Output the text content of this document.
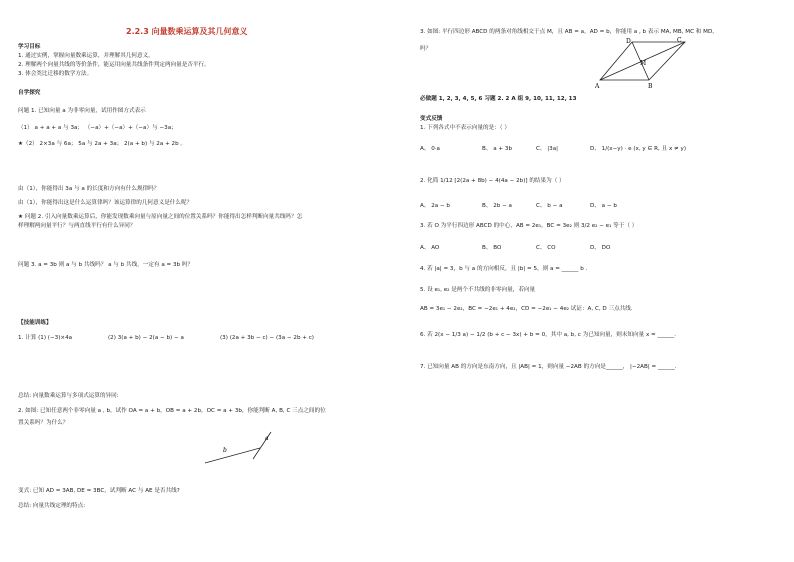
2.2.3 向量数乘运算及其几何意义
学习目标
1. 通过实例，掌握向量数乘运算，并理解其几何意义。
2. 理解两个向量共线的等价条件，能运用向量共线条件判定两向量是否平行。
3. 体会类比迁移的数学方法。
自学探究
问题 1. 已知向量 a 为非零向量，试用作图方式表示
（1） a + a + a 与 3a； （−a）+（−a）+（−a）与 −3a；
★（2） 2×3a 与 6a； 5a 与 2a + 3a； 2(a + b) 与 2a + 2b 。
由（1），你能得出 3a 与 a 的长度和方向有什么规律吗？
由（1），你能得出这是什么运算律吗？该运算律的几何意义是什么呢？
★ 问题 2. 引入向量数乘运算后，你能发现数乘向量与原向量之间的位置关系吗？你能得出怎样判断向量共线吗？怎
样理解两向量平行？与两直线平行有什么异同？
问题 3. a = 3b 则 a 与 b 共线吗？ a 与 b 共线，一定有 a = 3b 吗？
【技能训练】
1. 计算 (1) (−3)×4a	(2) 3(a + b) − 2(a − b) − a	(3) (2a + 3b − c) − (3a − 2b + c)
总结: 向量数乘运算与多项式运算的异同:
2. 如图: 已知任意两个非零向量 a , b，试作 OA = a + b，OB = a + 2b，OC = a + 3b，你能判断 A, B, C 三点之间的位
置关系吗？为什么？
a
b
变式: 已知 AD = 3AB, DE = 3BC，试判断 AC 与 AE 是否共线?
总结: 向量共线定理的特点:
3. 如图: 平行四边形 ABCD 的两条对角线相交于点 M，且 AB = a，AD = b，你能用 a , b 表示 MA, MB, MC 和 MD,
吗？
D	C
M
A	B
必做题 1, 2, 3, 4, 5, 6 习题 2. 2 A 组 9, 10, 11, 12, 13
变式反馈
1. 下列各式中不表示向量的是：（ ）
A、 0·a	B、 a + 3b	C、 |3a|	D、 1/(x−y) · e (x, y ∈ R, 且 x ≠ y)
2. 化简 1/12 [2(2a + 8b) − 4(4a − 2b)] 的结果为（ ）
A、 2a − b	B、 2b − a	C、 b − a	D、 a − b
3. 若 O 为平行四边形 ABCD 的中心，AB = 2e₁，BC = 3e₂ 则 3/2 e₂ − e₁ 等于（ ）
A、 AO	B、 BO	C、 CO	D、 DO
4. 若 |a| = 3，b 与 a 的方向相反，且 |b| = 5，则 a = ______ b .
5. 设 e₁, e₂ 是两个不共线的非零向量，若向量
AB = 3e₁ − 2e₂，BC = −2e₁ + 4e₂，CD = −2e₁ − 4e₂ 试证：A, C, D 三点共线.
6. 若 2(x − 1/3 a) − 1/2 (b + c − 3x) + b = 0，其中 a, b, c 为已知向量，则未知向量 x = ______.
7. 已知向量 AB 的方向是东南方向，且 |AB| = 1，则向量 −2AB 的方向是______， |−2AB| = ______.
